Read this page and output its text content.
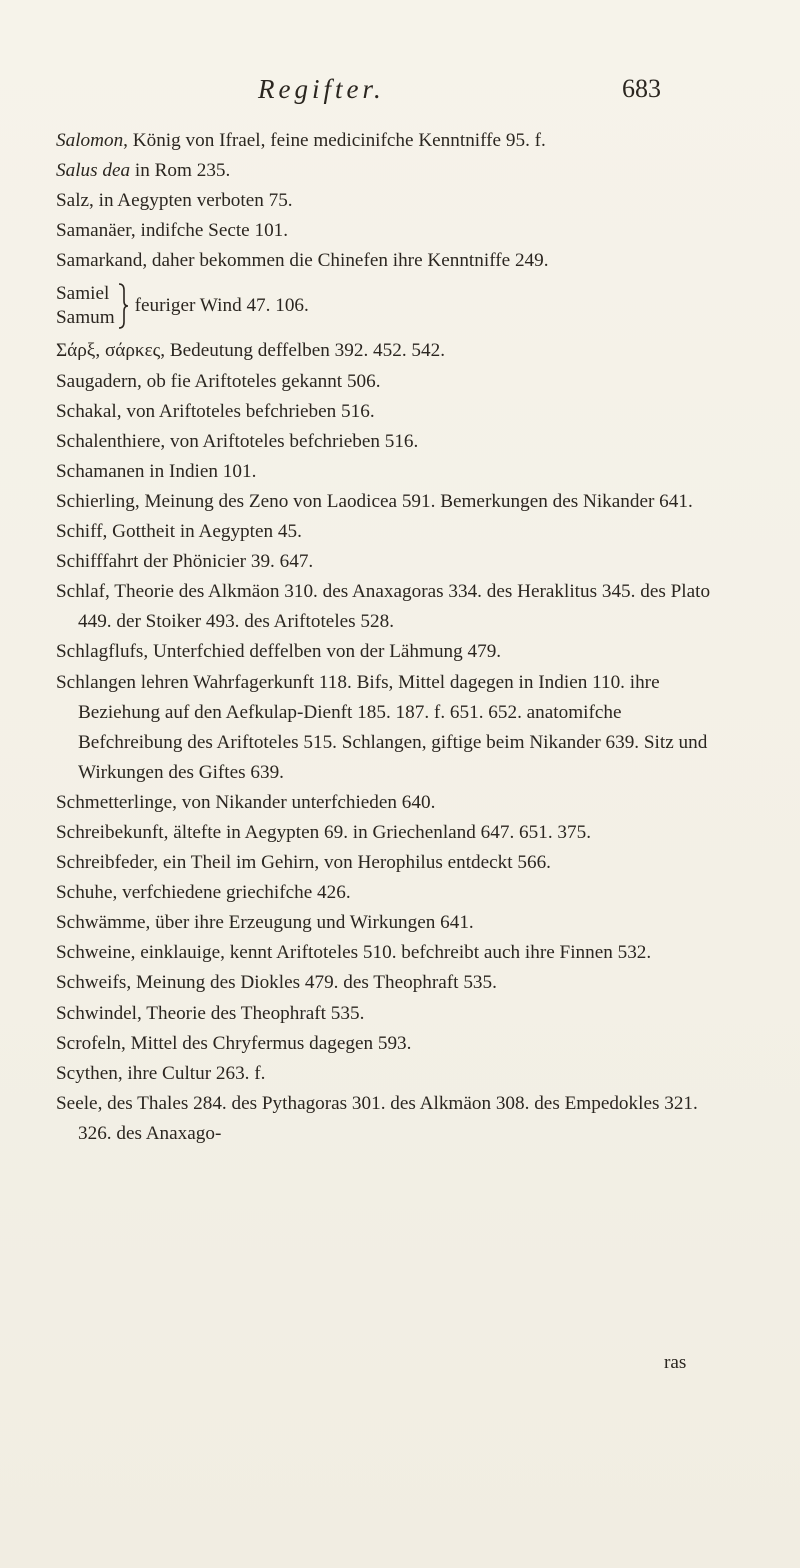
Regifter.	683
Salomon, König von Ifrael, feine medicinifche Kenntniffe 95. f.
Salus dea in Rom 235.
Salz, in Aegypten verboten 75.
Samanäer, indifche Secte 101.
Samarkand, daher bekommen die Chinefen ihre Kenntniffe 249.
Samiel
Samum
feuriger Wind 47. 106.
Σάρξ, σάρκες, Bedeutung deffelben 392. 452. 542.
Saugadern, ob fie Ariftoteles gekannt 506.
Schakal, von Ariftoteles befchrieben 516.
Schalenthiere, von Ariftoteles befchrieben 516.
Schamanen in Indien 101.
Schierling, Meinung des Zeno von Laodicea 591. Bemerkungen des Nikander 641.
Schiff, Gottheit in Aegypten 45.
Schifffahrt der Phönicier 39. 647.
Schlaf, Theorie des Alkmäon 310. des Anaxagoras 334. des Heraklitus 345. des Plato 449. der Stoiker 493. des Ariftoteles 528.
Schlagflufs, Unterfchied deffelben von der Lähmung 479.
Schlangen lehren Wahrfagerkunft 118. Bifs, Mittel dagegen in Indien 110. ihre Beziehung auf den Aefkulap-Dienft 185. 187. f. 651. 652. anatomifche Befchreibung des Ariftoteles 515. Schlangen, giftige beim Nikander 639. Sitz und Wirkungen des Giftes 639.
Schmetterlinge, von Nikander unterfchieden 640.
Schreibekunft, ältefte in Aegypten 69. in Griechenland 647. 651. 375.
Schreibfeder, ein Theil im Gehirn, von Herophilus entdeckt 566.
Schuhe, verfchiedene griechifche 426.
Schwämme, über ihre Erzeugung und Wirkungen 641.
Schweine, einklauige, kennt Ariftoteles 510. befchreibt auch ihre Finnen 532.
Schweifs, Meinung des Diokles 479. des Theophraft 535.
Schwindel, Theorie des Theophraft 535.
Scrofeln, Mittel des Chryfermus dagegen 593.
Scythen, ihre Cultur 263. f.
Seele, des Thales 284. des Pythagoras 301. des Alkmäon 308. des Empedokles 321. 326. des Anaxago-
ras
